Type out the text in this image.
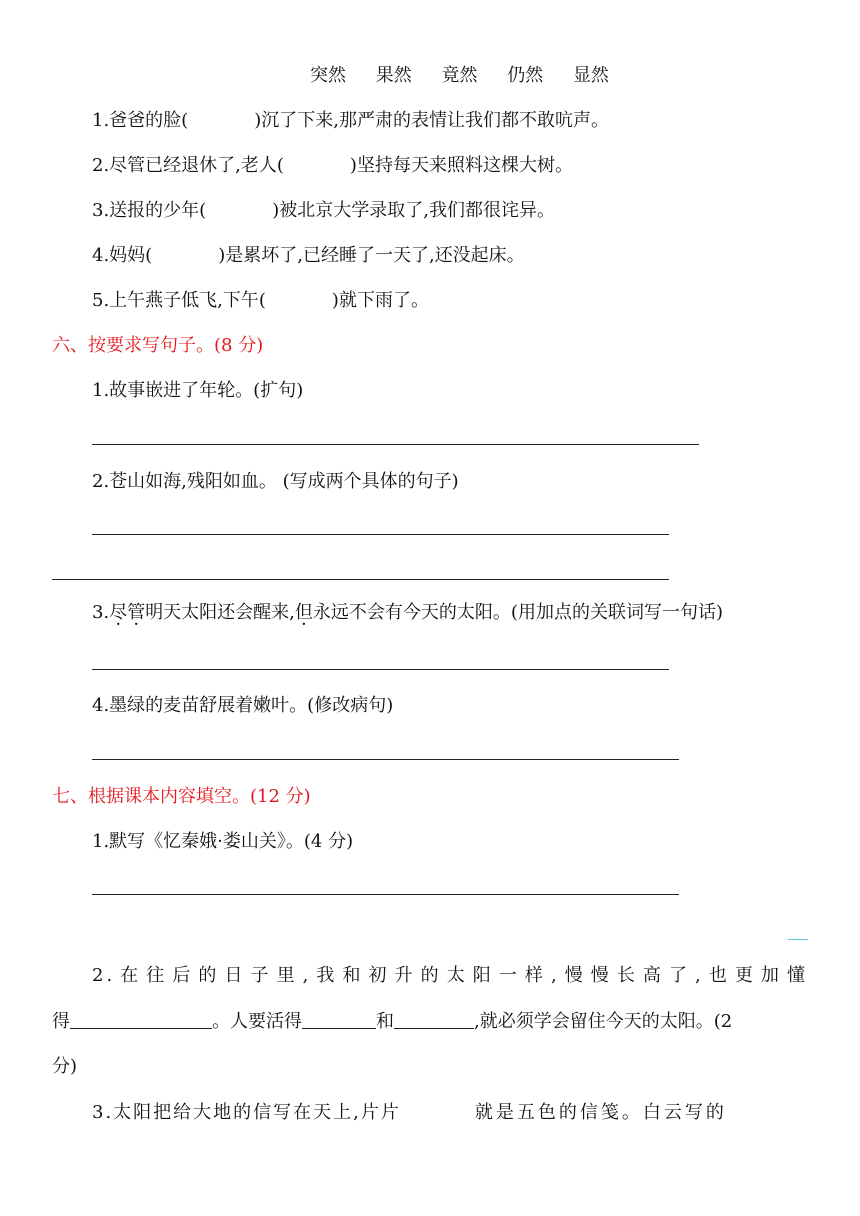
突然 果然 竟然 仍然 显然
1.爸爸的脸(	)沉了下来,那严肃的表情让我们都不敢吭声。
2.尽管已经退休了,老人(	)坚持每天来照料这棵大树。
3.送报的少年(	)被北京大学录取了,我们都很诧异。
4.妈妈(	)是累坏了,已经睡了一天了,还没起床。
5.上午燕子低飞,下午(	)就下雨了。
六、按要求写句子。(8 分)
1.故事嵌进了年轮。(扩句)
2.苍山如海,残阳如血。 (写成两个具体的句子)
3.尽管明天太阳还会醒来,但永远不会有今天的太阳。(用加点的关联词写一句话)
4.墨绿的麦苗舒展着嫩叶。(修改病句)
七、根据课本内容填空。(12 分)
1.默写《忆秦娥·娄山关》。(4 分)
2.在往后的日子里,我和初升的太阳一样,慢慢长高了,也更加懂
得	。人要活得	和	,就必须学会留住今天的太阳。(2
分)
3.太阳把给大地的信写在天上,片片	就是五色的信笺。白云写的
